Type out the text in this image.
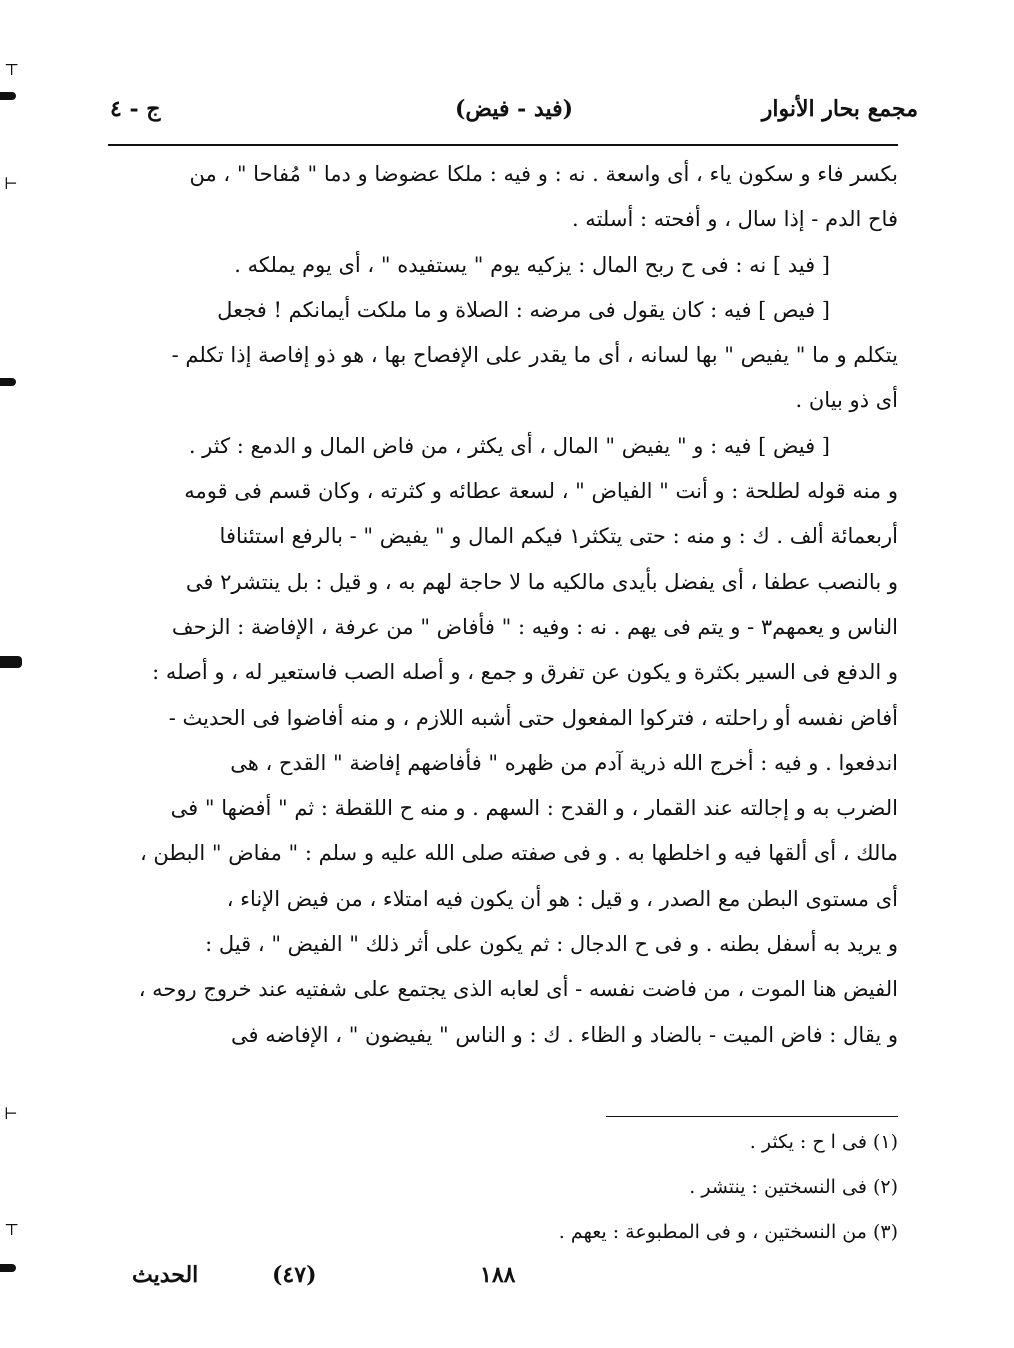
⊤
⊢
⊢
⊤
مجمع بحار الأنوار
(فيد - فيض)
ج - ٤

بكسر فاء و سكون ياء ، أى واسعة . نه : و فيه : ملكا عضوضا و دما " مُفاحا " ، من

فاح الدم - إذا سال ، و أفحته : أسلته .

[ فيد ] نه : فى ح ربح المال : يزكيه يوم " يستفيده " ، أى يوم يملكه .

[ فيص ] فيه : كان يقول فى مرضه : الصلاة و ما ملكت أيمانكم ! فجعل

يتكلم و ما " يفيص " بها لسانه ، أى ما يقدر على الإفصاح بها ، هو ذو إفاصة إذا تكلم -

أى ذو بيان .

[ فيض ] فيه : و " يفيض " المال ، أى يكثر ، من فاض المال و الدمع : كثر .

و منه قوله لطلحة : و أنت " الفياض " ، لسعة عطائه و كثرته ، وكان قسم فى قومه

أربعمائة ألف . ك : و منه : حتى يتكثر١ فيكم المال و " يفيض " - بالرفع استئنافا

و بالنصب عطفا ، أى يفضل بأيدى مالكيه ما لا حاجة لهم به ، و قيل : بل ينتشر٢ فى

الناس و يعمهم٣ - و يتم فى يهم . نه : وفيه : " فأفاض " من عرفة ، الإفاضة : الزحف

و الدفع فى السير بكثرة و يكون عن تفرق و جمع ، و أصله الصب فاستعير له ، و أصله :

أفاض نفسه أو راحلته ، فتركوا المفعول حتى أشبه اللازم ، و منه أفاضوا فى الحديث -

اندفعوا . و فيه : أخرج الله ذرية آدم من ظهره " فأفاضهم إفاضة " القدح ، هى

الضرب به و إجالته عند القمار ، و القدح : السهم . و منه ح اللقطة : ثم " أفضها " فى

مالك ، أى ألقها فيه و اخلطها به . و فى صفته صلى الله عليه و سلم : " مفاض " البطن ،

أى مستوى البطن مع الصدر ، و قيل : هو أن يكون فيه امتلاء ، من فيض الإناء ،

و يريد به أسفل بطنه . و فى ح الدجال : ثم يكون على أثر ذلك " الفيض " ، قيل :

الفيض هنا الموت ، من فاضت نفسه - أى لعابه الذى يجتمع على شفتيه عند خروج روحه ،

و يقال : فاض الميت - بالضاد و الظاء . ك : و الناس " يفيضون " ، الإفاضه فى

(١) فى ا ح : يكثر .
(٢) فى النسختين : ينتشر .
(٣) من النسختين ، و فى المطبوعة : يعهم .
الحديث	(٤٧)	١٨٨
